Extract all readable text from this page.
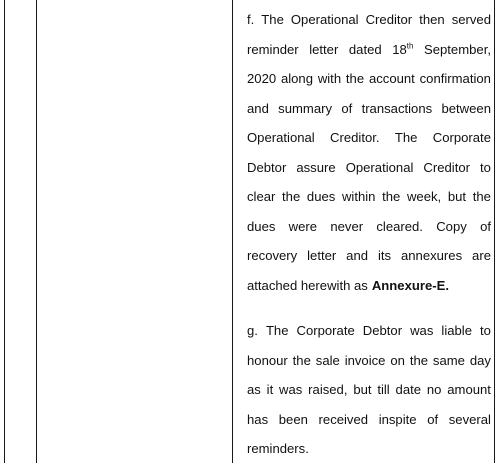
f. The Operational Creditor then served
reminder letter dated 18th September,
2020 along with the account confirmation
and summary of transactions between
Operational Creditor. The Corporate
Debtor assure Operational Creditor to
clear the dues within the week, but the
dues were never cleared. Copy of
recovery letter and its annexures are
attached herewith as Annexure-E.
g. The Corporate Debtor was liable to
honour the sale invoice on the same day
as it was raised, but till date no amount
has been received inspite of several
reminders.
